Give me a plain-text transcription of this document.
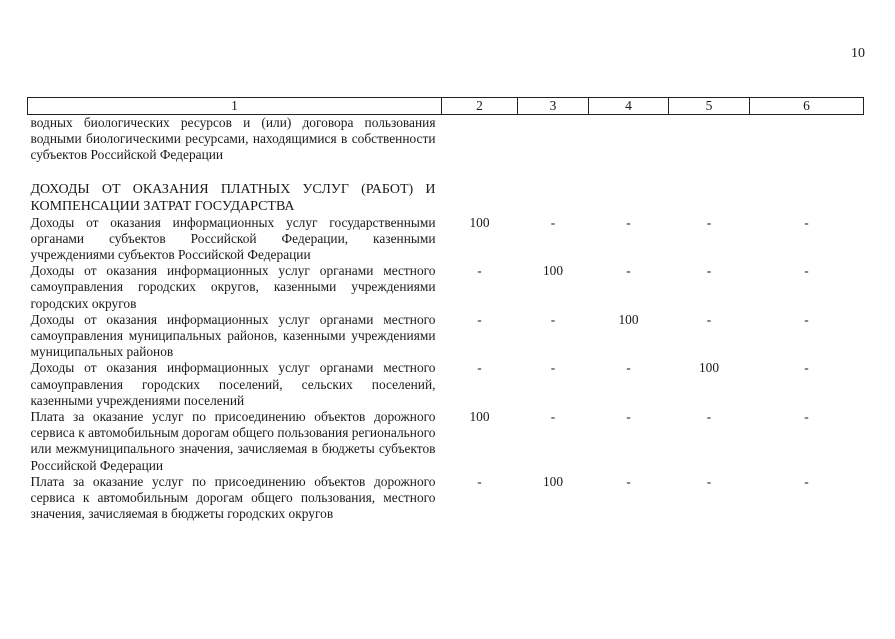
10
1	2	3	4	5	6
водных биологических ресурсов и (или) договора пользования водными биологическими ресурсами, находящимися в собственности субъектов Российской Федерации					
ДОХОДЫ ОТ ОКАЗАНИЯ ПЛАТНЫХ УСЛУГ (РАБОТ) И КОМПЕНСАЦИИ ЗАТРАТ ГОСУДАРСТВА					
Доходы от оказания информационных услуг государственными органами субъектов Российской Федерации, казенными учреждениями субъектов Российской Федерации	100	-	-	-	-
Доходы от оказания информационных услуг органами местного самоуправления городских округов, казенными учреждениями городских округов	-	100	-	-	-
Доходы от оказания информационных услуг органами местного самоуправления муниципальных районов, казенными учреждениями муниципальных районов	-	-	100	-	-
Доходы от оказания информационных услуг органами местного самоуправления городских поселений, сельских поселений, казенными учреждениями поселений	-	-	-	100	-
Плата за оказание услуг по присоединению объектов дорожного сервиса к автомобильным дорогам общего пользования регионального или межмуниципального значения, зачисляемая в бюджеты субъектов Российской Федерации	100	-	-	-	-
Плата за оказание услуг по присоединению объектов дорожного сервиса к автомобильным дорогам общего пользования, местного значения, зачисляемая в бюджеты городских округов	-	100	-	-	-
